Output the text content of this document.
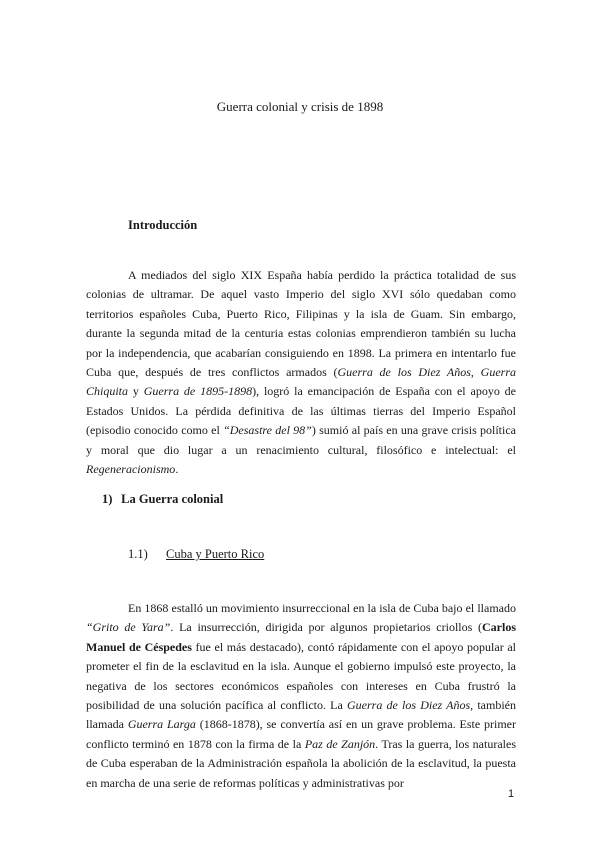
Guerra colonial y crisis de 1898
Introducción

A mediados del siglo XIX España había perdido la práctica totalidad de sus colonias de ultramar. De aquel vasto Imperio del siglo XVI sólo quedaban como territorios españoles Cuba, Puerto Rico, Filipinas y la isla de Guam. Sin embargo, durante la segunda mitad de la centuria estas colonias emprendieron también su lucha por la independencia, que acabarían consiguiendo en 1898. La primera en intentarlo fue Cuba que, después de tres conflictos armados (Guerra de los Diez Años, Guerra Chiquita y Guerra de 1895-1898), logró la emancipación de España con el apoyo de Estados Unidos. La pérdida definitiva de las últimas tierras del Imperio Español (episodio conocido como el “Desastre del 98”) sumió al país en una grave crisis política y moral que dio lugar a un renacimiento cultural, filosófico e intelectual: el Regeneracionismo.

1) La Guerra colonial
1.1) Cuba y Puerto Rico

En 1868 estalló un movimiento insurreccional en la isla de Cuba bajo el llamado “Grito de Yara”. La insurrección, dirigida por algunos propietarios criollos (Carlos Manuel de Céspedes fue el más destacado), contó rápidamente con el apoyo popular al prometer el fin de la esclavitud en la isla. Aunque el gobierno impulsó este proyecto, la negativa de los sectores económicos españoles con intereses en Cuba frustró la posibilidad de una solución pacífica al conflicto. La Guerra de los Diez Años, también llamada Guerra Larga (1868-1878), se convertía así en un grave problema. Este primer conflicto terminó en 1878 con la firma de la Paz de Zanjón. Tras la guerra, los naturales de Cuba esperaban de la Administración española la abolición de la esclavitud, la puesta en marcha de una serie de reformas políticas y administrativas por

1
